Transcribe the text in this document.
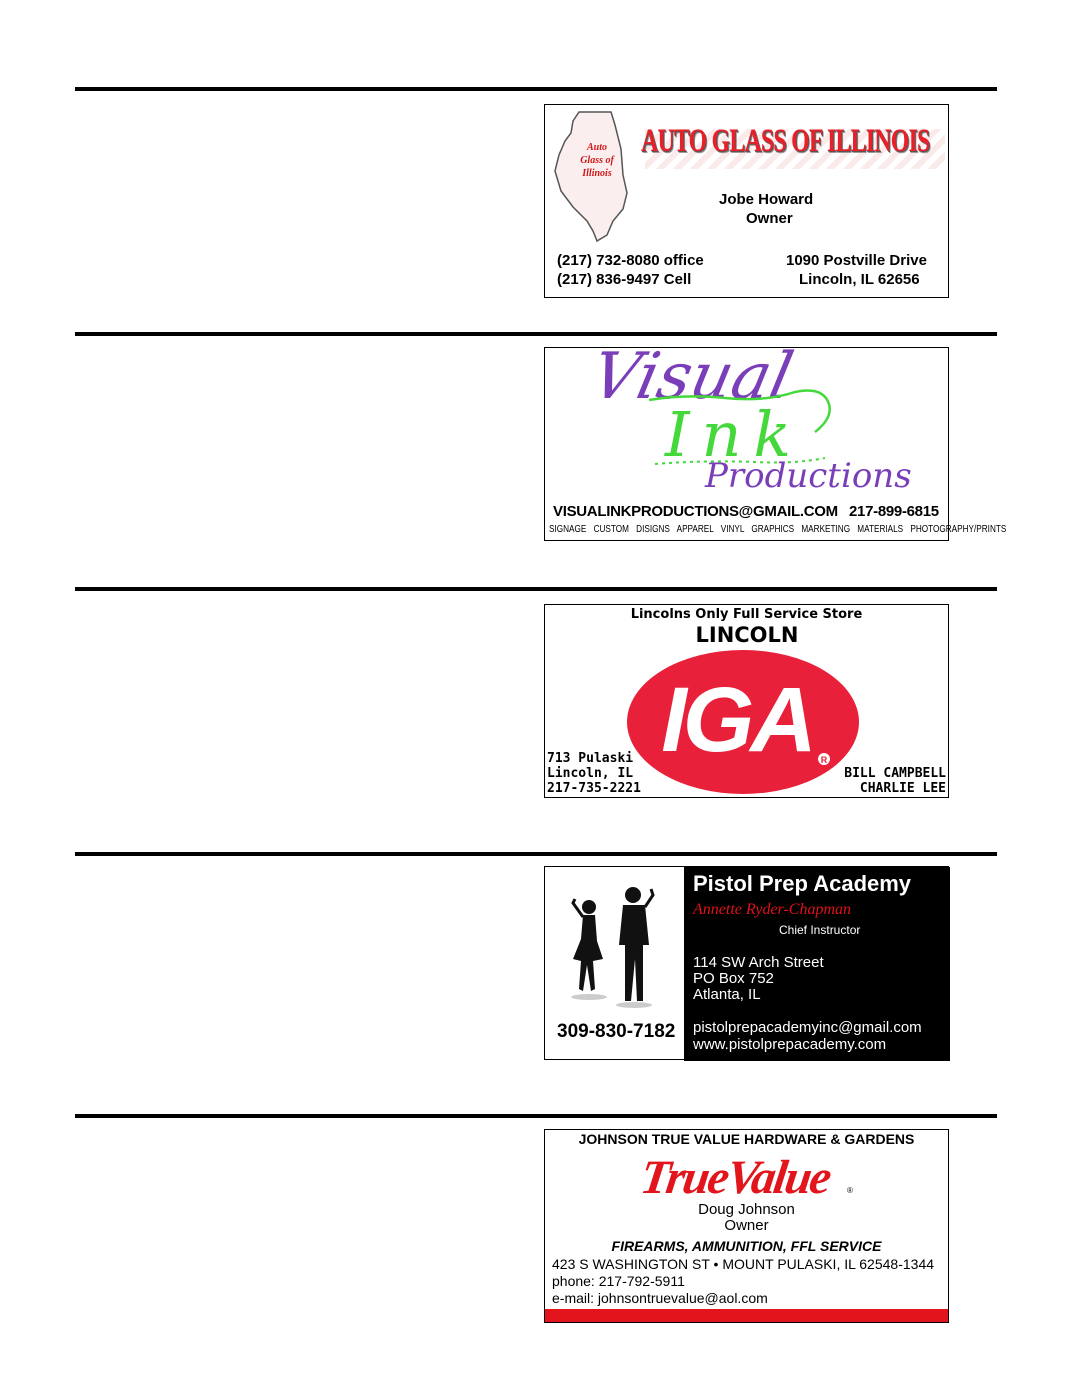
Auto Glass of Illinois
AUTO GLASS OF ILLINOIS
Jobe Howard
Owner
(217) 732-8080 office
(217) 836-9497 Cell
1090 Postville Drive
Lincoln, IL 62656
Visual
Ink
Productions
VISUALINKPRODUCTIONS@GMAIL.COM 217-899-6815
SIGNAGE CUSTOM DISIGNS APPAREL VINYL GRAPHICS MARKETING MATERIALS PHOTOGRAPHY/PRINTS
Lincolns Only Full Service Store
LINCOLN
IGA R
713 Pulaski
Lincoln, IL
217-735-2221
BILL CAMPBELL
CHARLIE LEE
Pistol Prep Academy
Annette Ryder-Chapman
Chief Instructor
114 SW Arch Street
PO Box 752
Atlanta, IL
pistolprepacademyinc@gmail.com
www.pistolprepacademy.com
309-830-7182
JOHNSON TRUE VALUE HARDWARE & GARDENS
TrueValue ®
Doug Johnson
Owner
FIREARMS, AMMUNITION, FFL SERVICE
423 S WASHINGTON ST • MOUNT PULASKI, IL 62548-1344
phone: 217-792-5911
e-mail: johnsontruevalue@aol.com
